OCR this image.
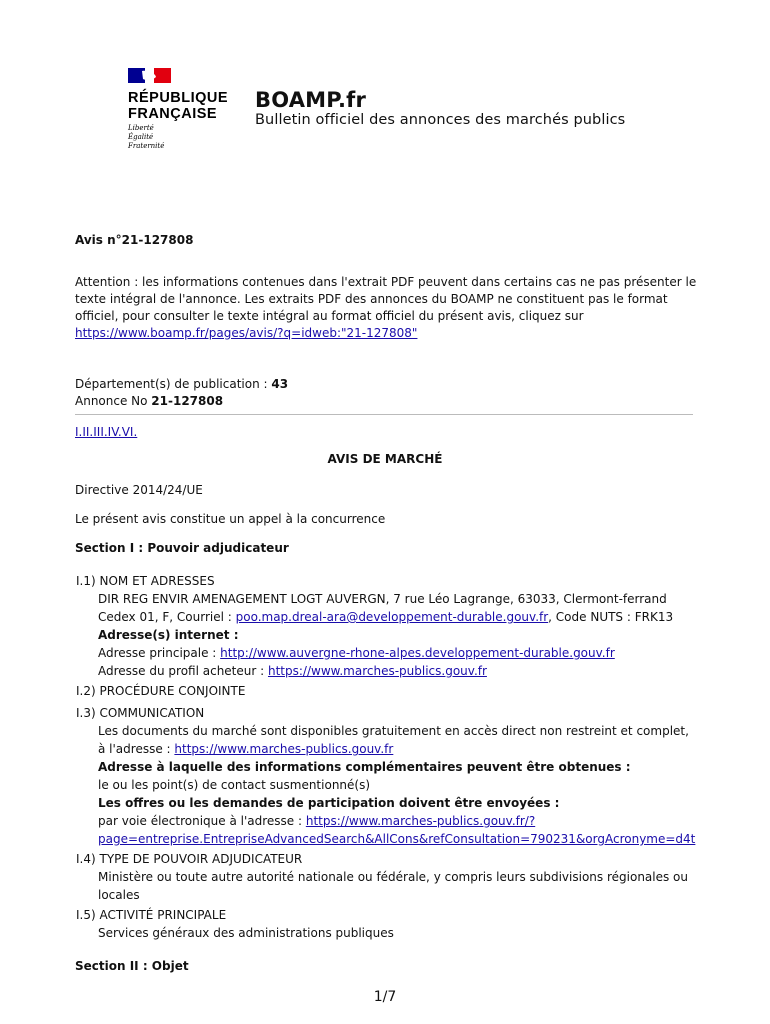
RÉPUBLIQUE
FRANÇAISE
Liberté
Égalité
Fraternité
BOAMP.fr
Bulletin officiel des annonces des marchés publics
Avis n°21-127808
Attention : les informations contenues dans l'extrait PDF peuvent dans certains cas ne pas présenter le
texte intégral de l'annonce. Les extraits PDF des annonces du BOAMP ne constituent pas le format
officiel, pour consulter le texte intégral au format officiel du présent avis, cliquez sur
https://www.boamp.fr/pages/avis/?q=idweb:"21-127808"
Département(s) de publication : 43
Annonce No 21-127808
I.II.III.IV.VI.
AVIS DE MARCHÉ
Directive 2014/24/UE
Le présent avis constitue un appel à la concurrence
Section I : Pouvoir adjudicateur
I.1) NOM ET ADRESSES
DIR REG ENVIR AMENAGEMENT LOGT AUVERGN, 7 rue Léo Lagrange, 63033, Clermont-ferrand
Cedex 01, F, Courriel : poo.map.dreal-ara@developpement-durable.gouv.fr, Code NUTS : FRK13
Adresse(s) internet :
Adresse principale : http://www.auvergne-rhone-alpes.developpement-durable.gouv.fr
Adresse du profil acheteur : https://www.marches-publics.gouv.fr
I.2) PROCÉDURE CONJOINTE
I.3) COMMUNICATION
Les documents du marché sont disponibles gratuitement en accès direct non restreint et complet,
à l'adresse : https://www.marches-publics.gouv.fr
Adresse à laquelle des informations complémentaires peuvent être obtenues :
le ou les point(s) de contact susmentionné(s)
Les offres ou les demandes de participation doivent être envoyées :
par voie électronique à l'adresse : https://www.marches-publics.gouv.fr/?
page=entreprise.EntrepriseAdvancedSearch&AllCons&refConsultation=790231&orgAcronyme=d4t
I.4) TYPE DE POUVOIR ADJUDICATEUR
Ministère ou toute autre autorité nationale ou fédérale, y compris leurs subdivisions régionales ou
locales
I.5) ACTIVITÉ PRINCIPALE
Services généraux des administrations publiques
Section II : Objet
1/7
